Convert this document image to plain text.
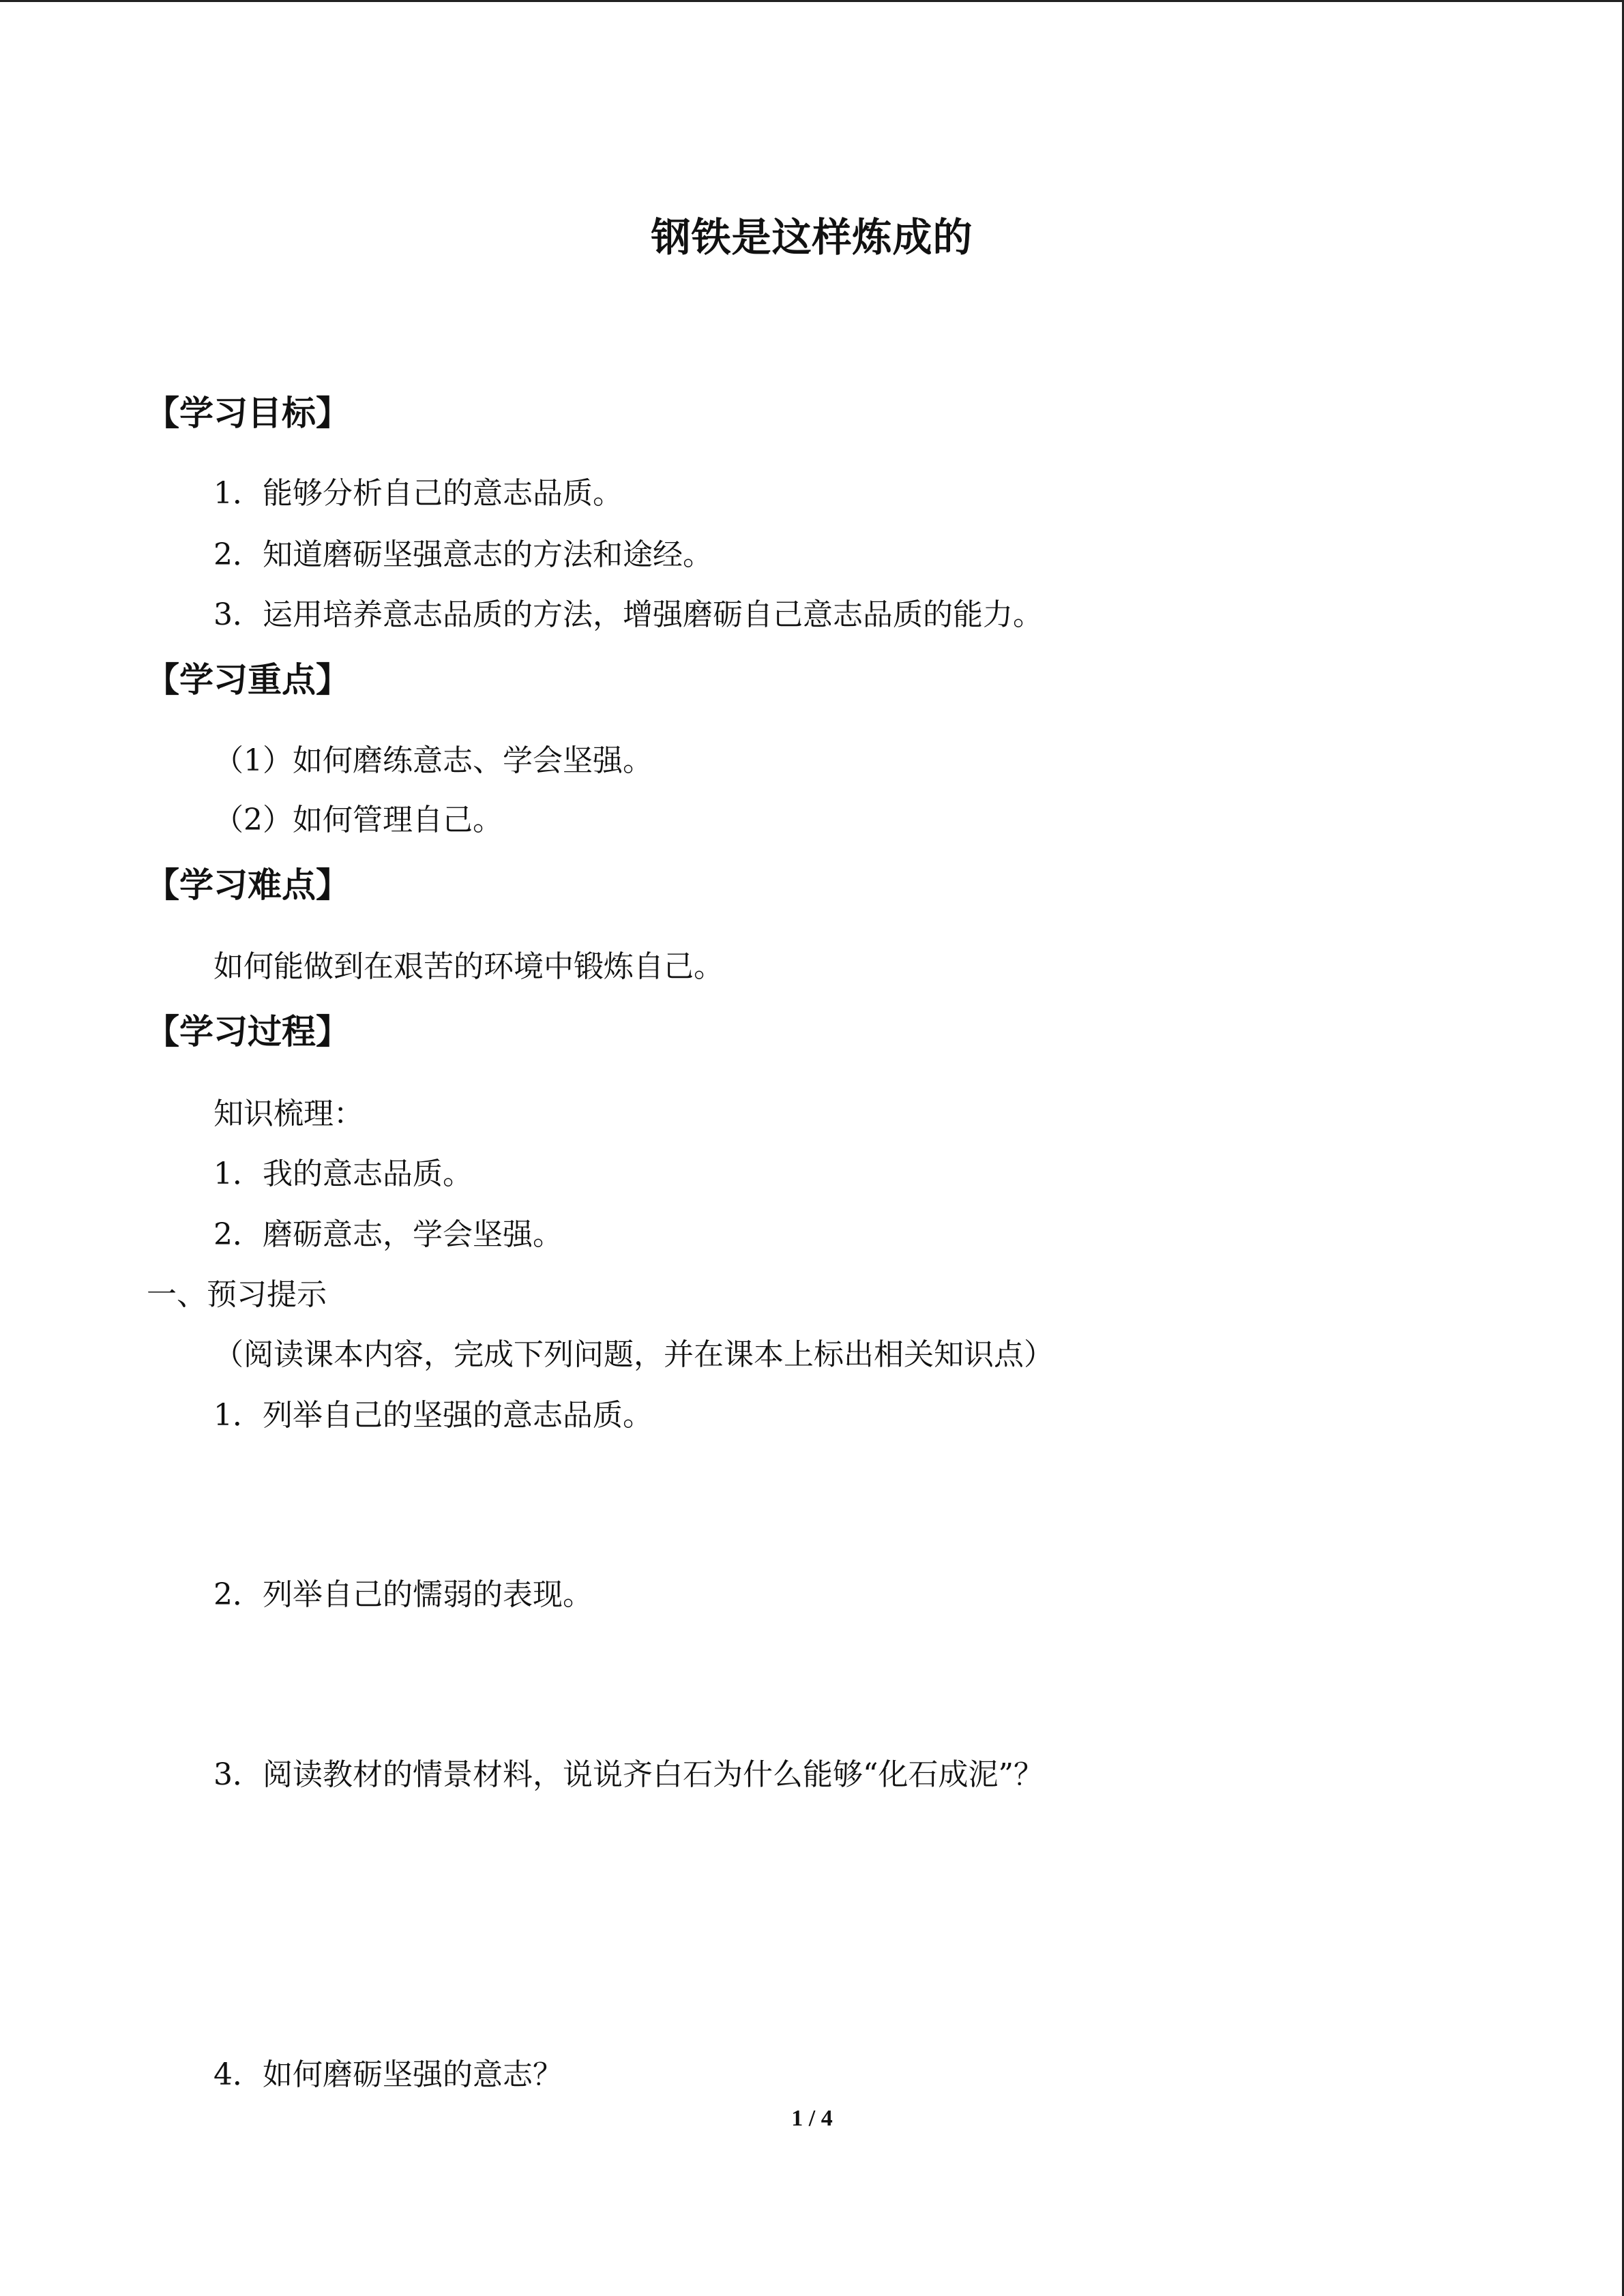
钢铁是这样炼成的
【学习目标】
1．能够分析自己的意志品质。
2．知道磨砺坚强意志的方法和途经。
3．运用培养意志品质的方法，增强磨砺自己意志品质的能力。
【学习重点】
（1）如何磨练意志、学会坚强。
（2）如何管理自己。
【学习难点】
如何能做到在艰苦的环境中锻炼自己。
【学习过程】
知识梳理：
1．我的意志品质。
2．磨砺意志，学会坚强。
一、预习提示
（阅读课本内容，完成下列问题，并在课本上标出相关知识点）
1．列举自己的坚强的意志品质。
2．列举自己的懦弱的表现。
3．阅读教材的情景材料，说说齐白石为什么能够“化石成泥”？
4．如何磨砺坚强的意志？
1 / 4
